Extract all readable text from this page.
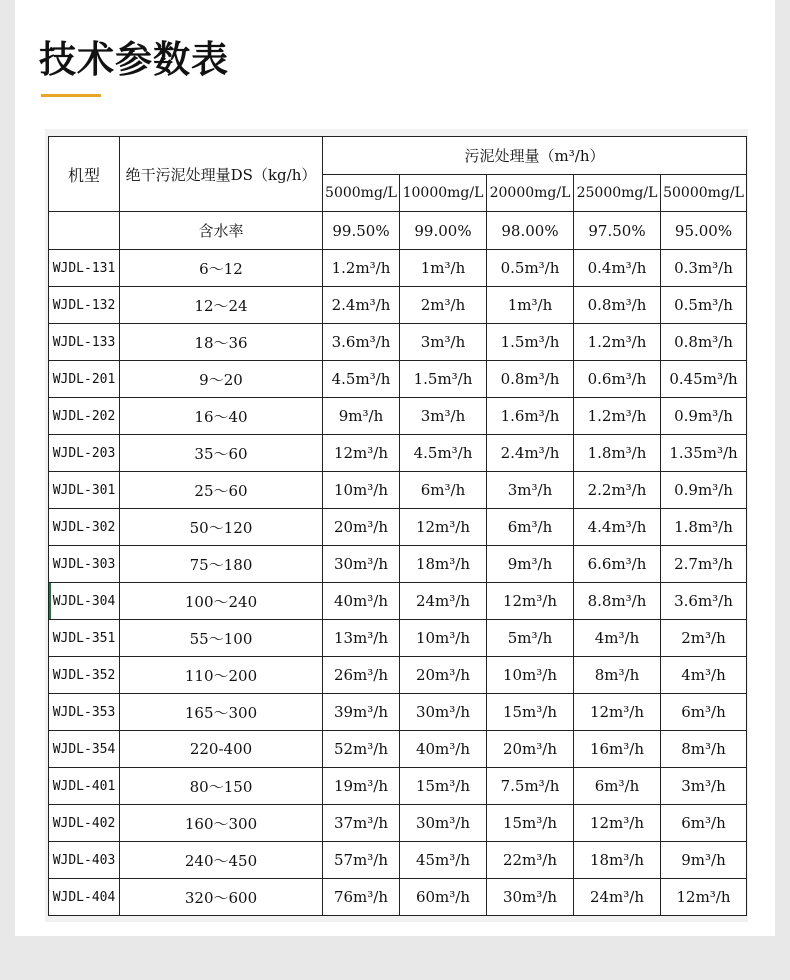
技术参数表
机型	绝干污泥处理量DS（kg/h）	污泥处理量（m³/h）				
		5000mg/L	10000mg/L	20000mg/L	25000mg/L	50000mg/L
	含水率	99.50%	99.00%	98.00%	97.50%	95.00%
WJDL-131	6～12	1.2m³/h	1m³/h	0.5m³/h	0.4m³/h	0.3m³/h
WJDL-132	12～24	2.4m³/h	2m³/h	1m³/h	0.8m³/h	0.5m³/h
WJDL-133	18～36	3.6m³/h	3m³/h	1.5m³/h	1.2m³/h	0.8m³/h
WJDL-201	9～20	4.5m³/h	1.5m³/h	0.8m³/h	0.6m³/h	0.45m³/h
WJDL-202	16～40	9m³/h	3m³/h	1.6m³/h	1.2m³/h	0.9m³/h
WJDL-203	35～60	12m³/h	4.5m³/h	2.4m³/h	1.8m³/h	1.35m³/h
WJDL-301	25～60	10m³/h	6m³/h	3m³/h	2.2m³/h	0.9m³/h
WJDL-302	50～120	20m³/h	12m³/h	6m³/h	4.4m³/h	1.8m³/h
WJDL-303	75～180	30m³/h	18m³/h	9m³/h	6.6m³/h	2.7m³/h
WJDL-304	100～240	40m³/h	24m³/h	12m³/h	8.8m³/h	3.6m³/h
WJDL-351	55～100	13m³/h	10m³/h	5m³/h	4m³/h	2m³/h
WJDL-352	110～200	26m³/h	20m³/h	10m³/h	8m³/h	4m³/h
WJDL-353	165～300	39m³/h	30m³/h	15m³/h	12m³/h	6m³/h
WJDL-354	220-400	52m³/h	40m³/h	20m³/h	16m³/h	8m³/h
WJDL-401	80～150	19m³/h	15m³/h	7.5m³/h	6m³/h	3m³/h
WJDL-402	160～300	37m³/h	30m³/h	15m³/h	12m³/h	6m³/h
WJDL-403	240～450	57m³/h	45m³/h	22m³/h	18m³/h	9m³/h
WJDL-404	320～600	76m³/h	60m³/h	30m³/h	24m³/h	12m³/h
